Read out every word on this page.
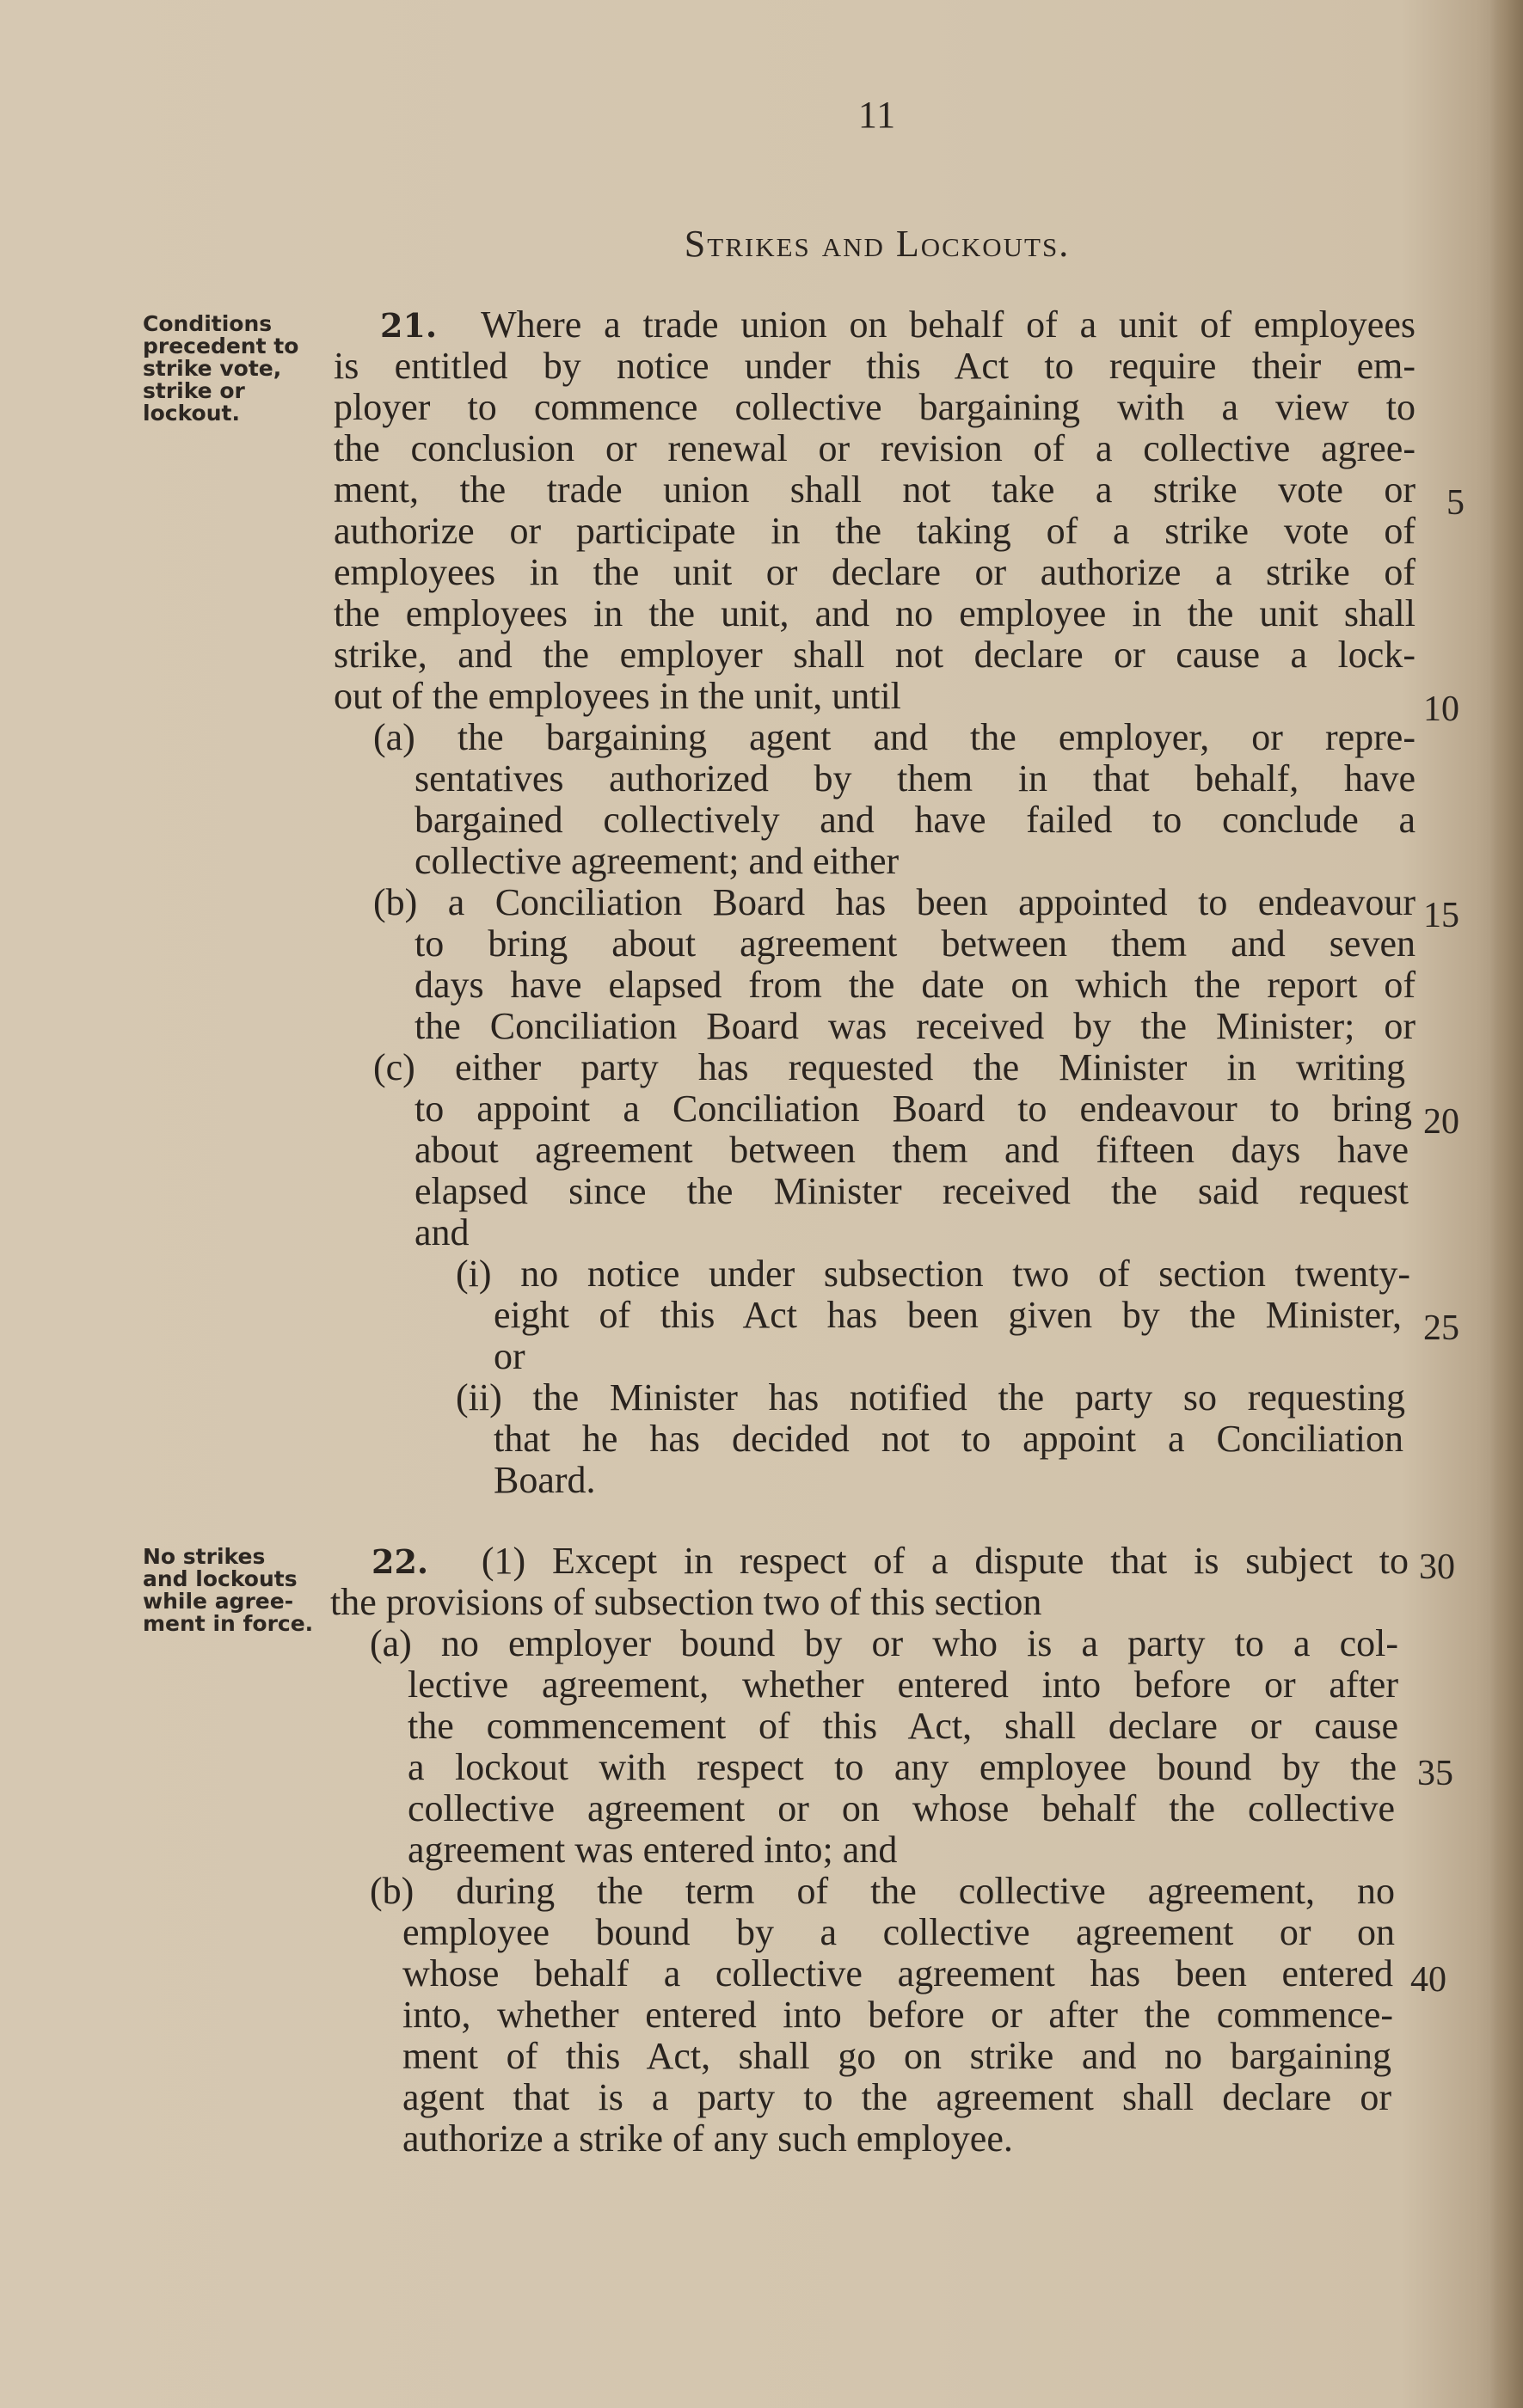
11
Strikes and Lockouts.
Conditions
precedent to
strike vote,
strike or
lockout.
21. Where a trade union on behalf of a unit of employees
is entitled by notice under this Act to require their em-
ployer to commence collective bargaining with a view to
the conclusion or renewal or revision of a collective agree-
ment, the trade union shall not take a strike vote or
authorize or participate in the taking of a strike vote of
employees in the unit or declare or authorize a strike of
the employees in the unit, and no employee in the unit shall
strike, and the employer shall not declare or cause a lock-
out of the employees in the unit, until
(a) the bargaining agent and the employer, or repre-
sentatives authorized by them in that behalf, have
bargained collectively and have failed to conclude a
collective agreement; and either
(b) a Conciliation Board has been appointed to endeavour
to bring about agreement between them and seven
days have elapsed from the date on which the report of
the Conciliation Board was received by the Minister; or
(c) either party has requested the Minister in writing
to appoint a Conciliation Board to endeavour to bring
about agreement between them and fifteen days have
elapsed since the Minister received the said request
and
(i) no notice under subsection two of section twenty-
eight of this Act has been given by the Minister,
or
(ii) the Minister has notified the party so requesting
that he has decided not to appoint a Conciliation
Board.
No strikes
and lockouts
while agree-
ment in force.
22. (1) Except in respect of a dispute that is subject to
the provisions of subsection two of this section
(a) no employer bound by or who is a party to a col-
lective agreement, whether entered into before or after
the commencement of this Act, shall declare or cause
a lockout with respect to any employee bound by the
collective agreement or on whose behalf the collective
agreement was entered into; and
(b) during the term of the collective agreement, no
employee bound by a collective agreement or on
whose behalf a collective agreement has been entered
into, whether entered into before or after the commence-
ment of this Act, shall go on strike and no bargaining
agent that is a party to the agreement shall declare or
authorize a strike of any such employee.
5
10
15
20
25
30
35
40
